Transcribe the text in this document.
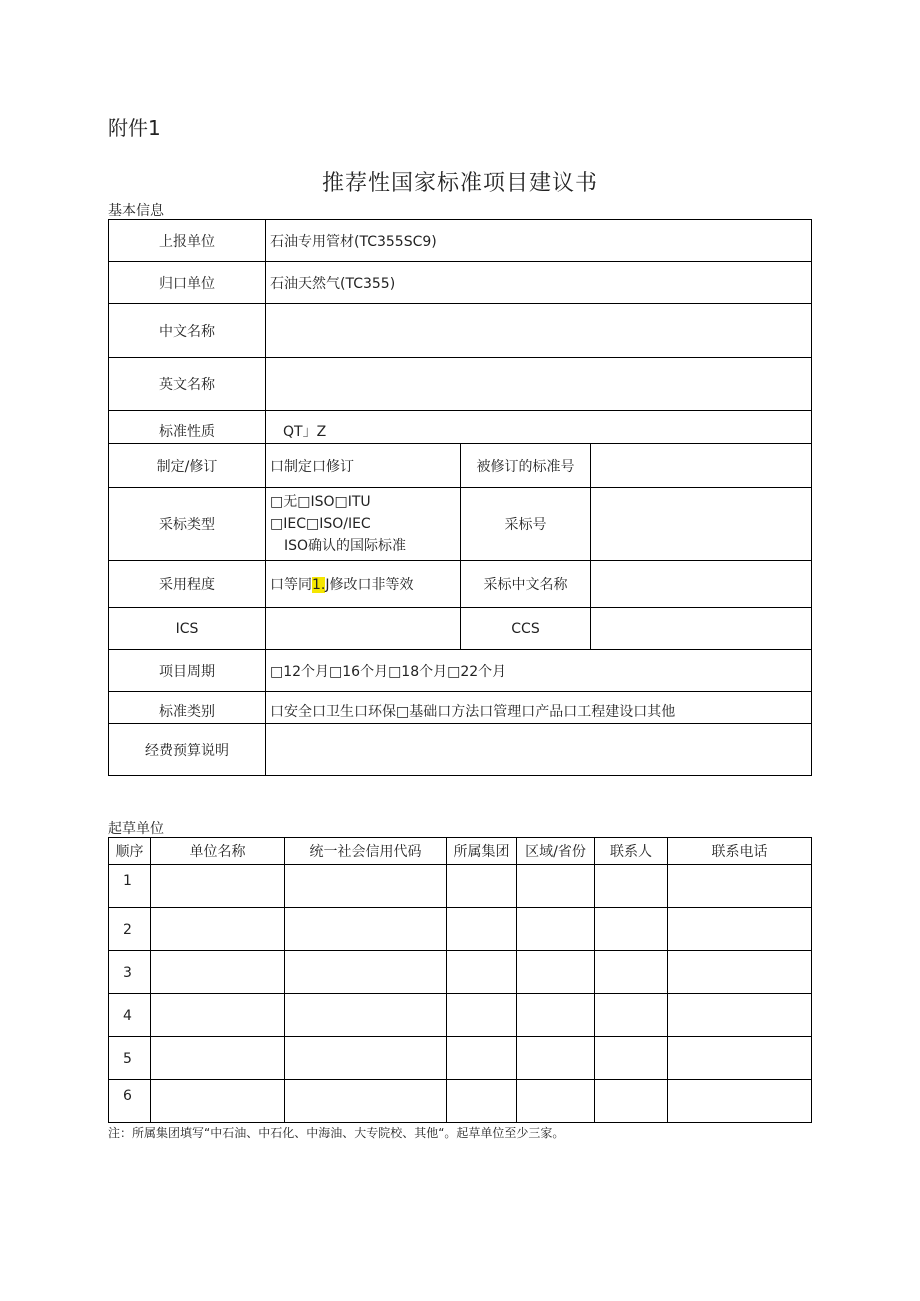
附件1
推荐性国家标准项目建议书
基本信息
上报单位	石油专用管材(TC355SC9)		
归口单位	石油天然气(TC355)		
中文名称			
英文名称			
标准性质	QT」Z		
制定/修订	口制定口修订	被修订的标准号	
采标类型	□无□ISO□ITU
□IEC□ISO/IEC
ISO确认的国际标准	采标号	
采用程度	口等同1.J修改口非等效	采标中文名称	
ICS		CCS	
项目周期	□12个月□16个月□18个月□22个月		
标准类别	口安全口卫生口环保□基础口方法口管理口产品口工程建设口其他		
经费预算说明			
起草单位
顺序	单位名称	统一社会信用代码	所属集团	区域/省份	联系人	联系电话
1						
2						
3						
4						
5						
6						
注：所属集团填写“中石油、中石化、中海油、大专院校、其他“。起草单位至少三家。
